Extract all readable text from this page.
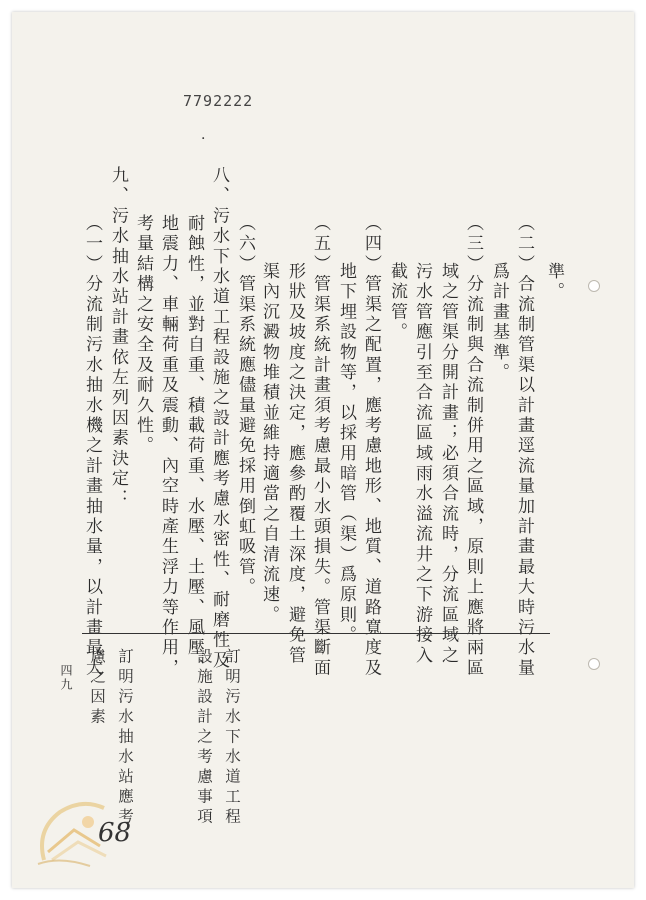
7792222
·
準。
（二）合流制管渠以計畫逕流量加計畫最大時污水量
爲計畫基準。
（三）分流制與合流制併用之區域，原則上應將兩區
域之管渠分開計畫；必須合流時，分流區域之
污水管應引至合流區域雨水溢流井之下游接入
截流管。
（四）管渠之配置，應考慮地形、地質、道路寬度及
地下埋設物等，以採用暗管（渠）爲原則。
（五）管渠系統計畫須考慮最小水頭損失。管渠斷面
形狀及坡度之決定，應參酌覆土深度，避免管
渠內沉澱物堆積並維持適當之自清流速。
（六）管渠系統應儘量避免採用倒虹吸管。
八、污水下水道工程設施之設計應考慮水密性、耐磨性及
耐蝕性，並對自重、積載荷重、水壓、土壓、風壓、
地震力、車輛荷重及震動、內空時產生浮力等作用，
考量結構之安全及耐久性。
九、污水抽水站計畫依左列因素決定：
（一）分流制污水抽水機之計畫抽水量，以計畫最大
訂明污水下水道工程
設施設計之考慮事項
訂明污水抽水站應考
慮之因素
四九
68
